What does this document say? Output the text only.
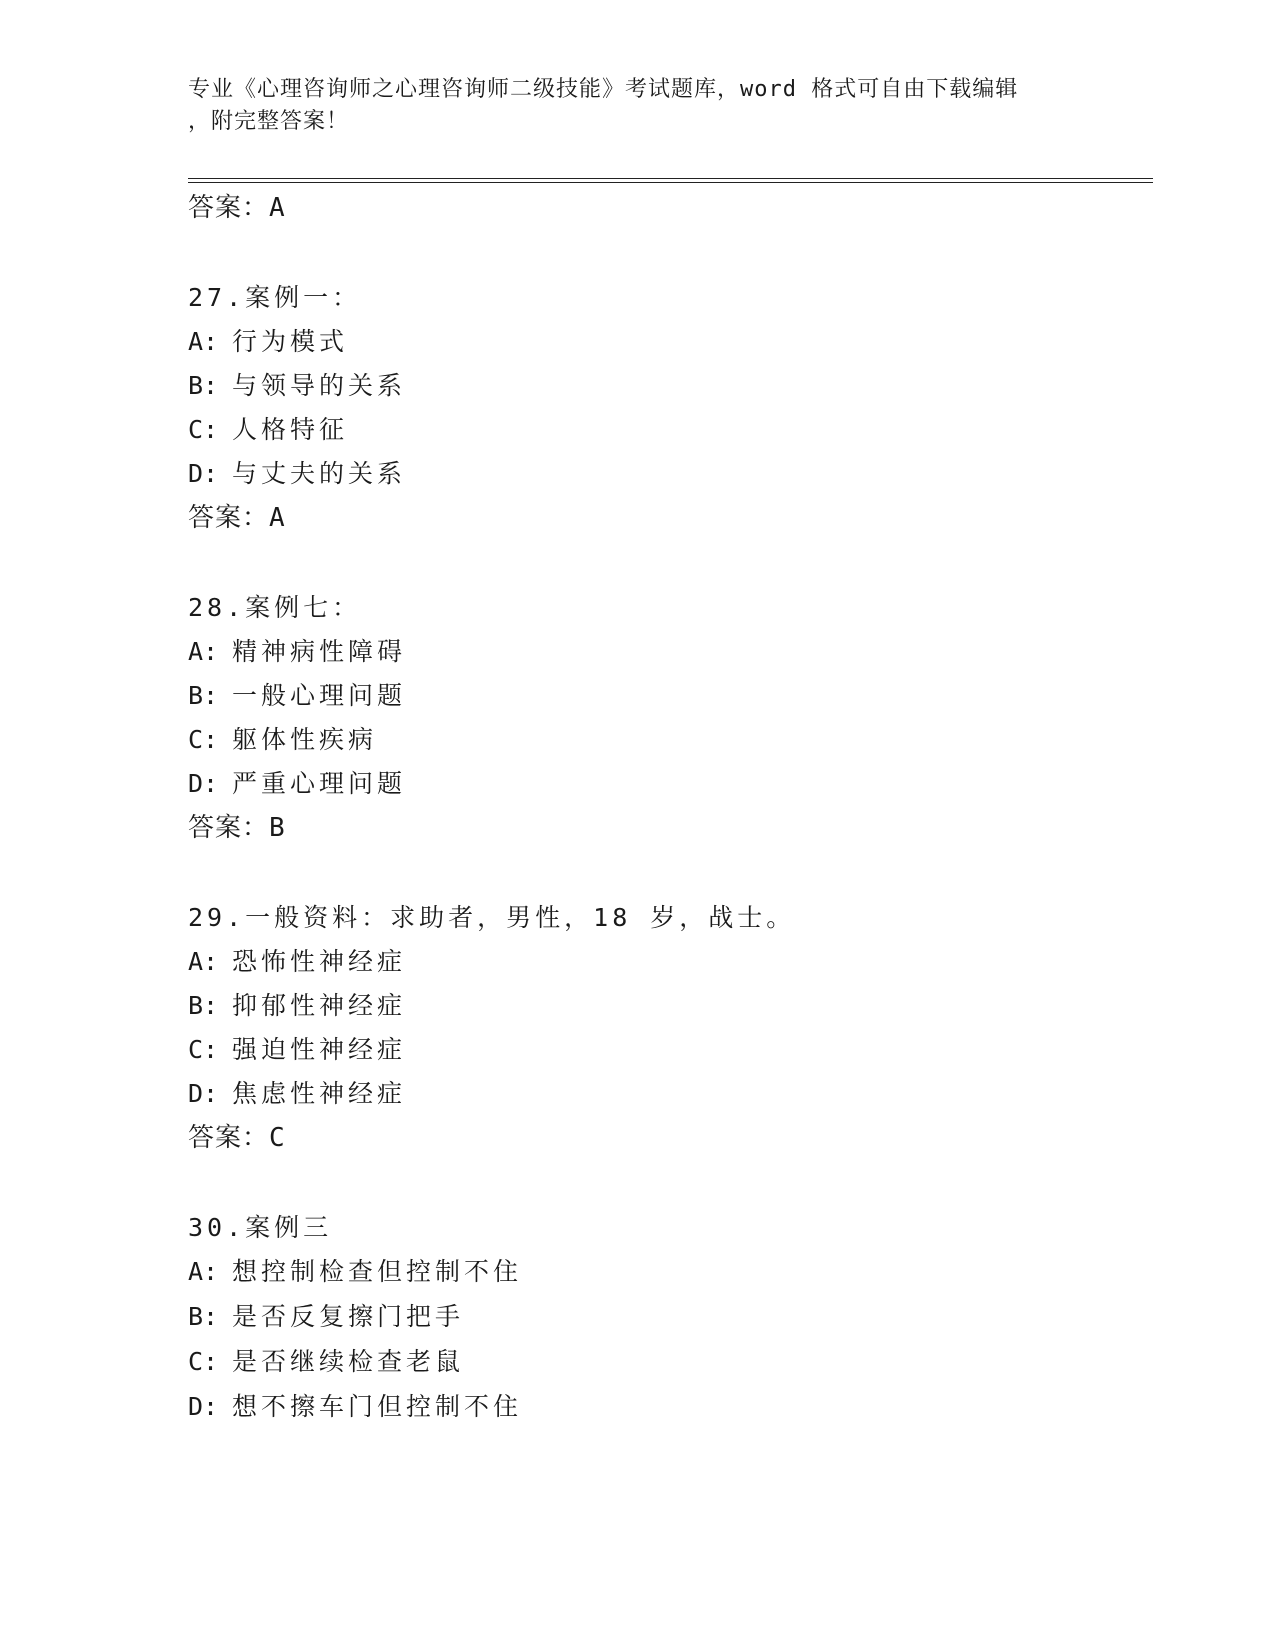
专业《心理咨询师之心理咨询师二级技能》考试题库，word 格式可自由下载编辑
，附完整答案！
答案：A
27.案例一：
A: 行为模式
B: 与领导的关系
C: 人格特征
D: 与丈夫的关系
答案：A
28.案例七：
A: 精神病性障碍
B: 一般心理问题
C: 躯体性疾病
D: 严重心理问题
答案：B
29.一般资料：求助者，男性，18 岁，战士。
A: 恐怖性神经症
B: 抑郁性神经症
C: 强迫性神经症
D: 焦虑性神经症
答案：C
30.案例三
A: 想控制检查但控制不住
B: 是否反复擦门把手
C: 是否继续检查老鼠
D: 想不擦车门但控制不住
